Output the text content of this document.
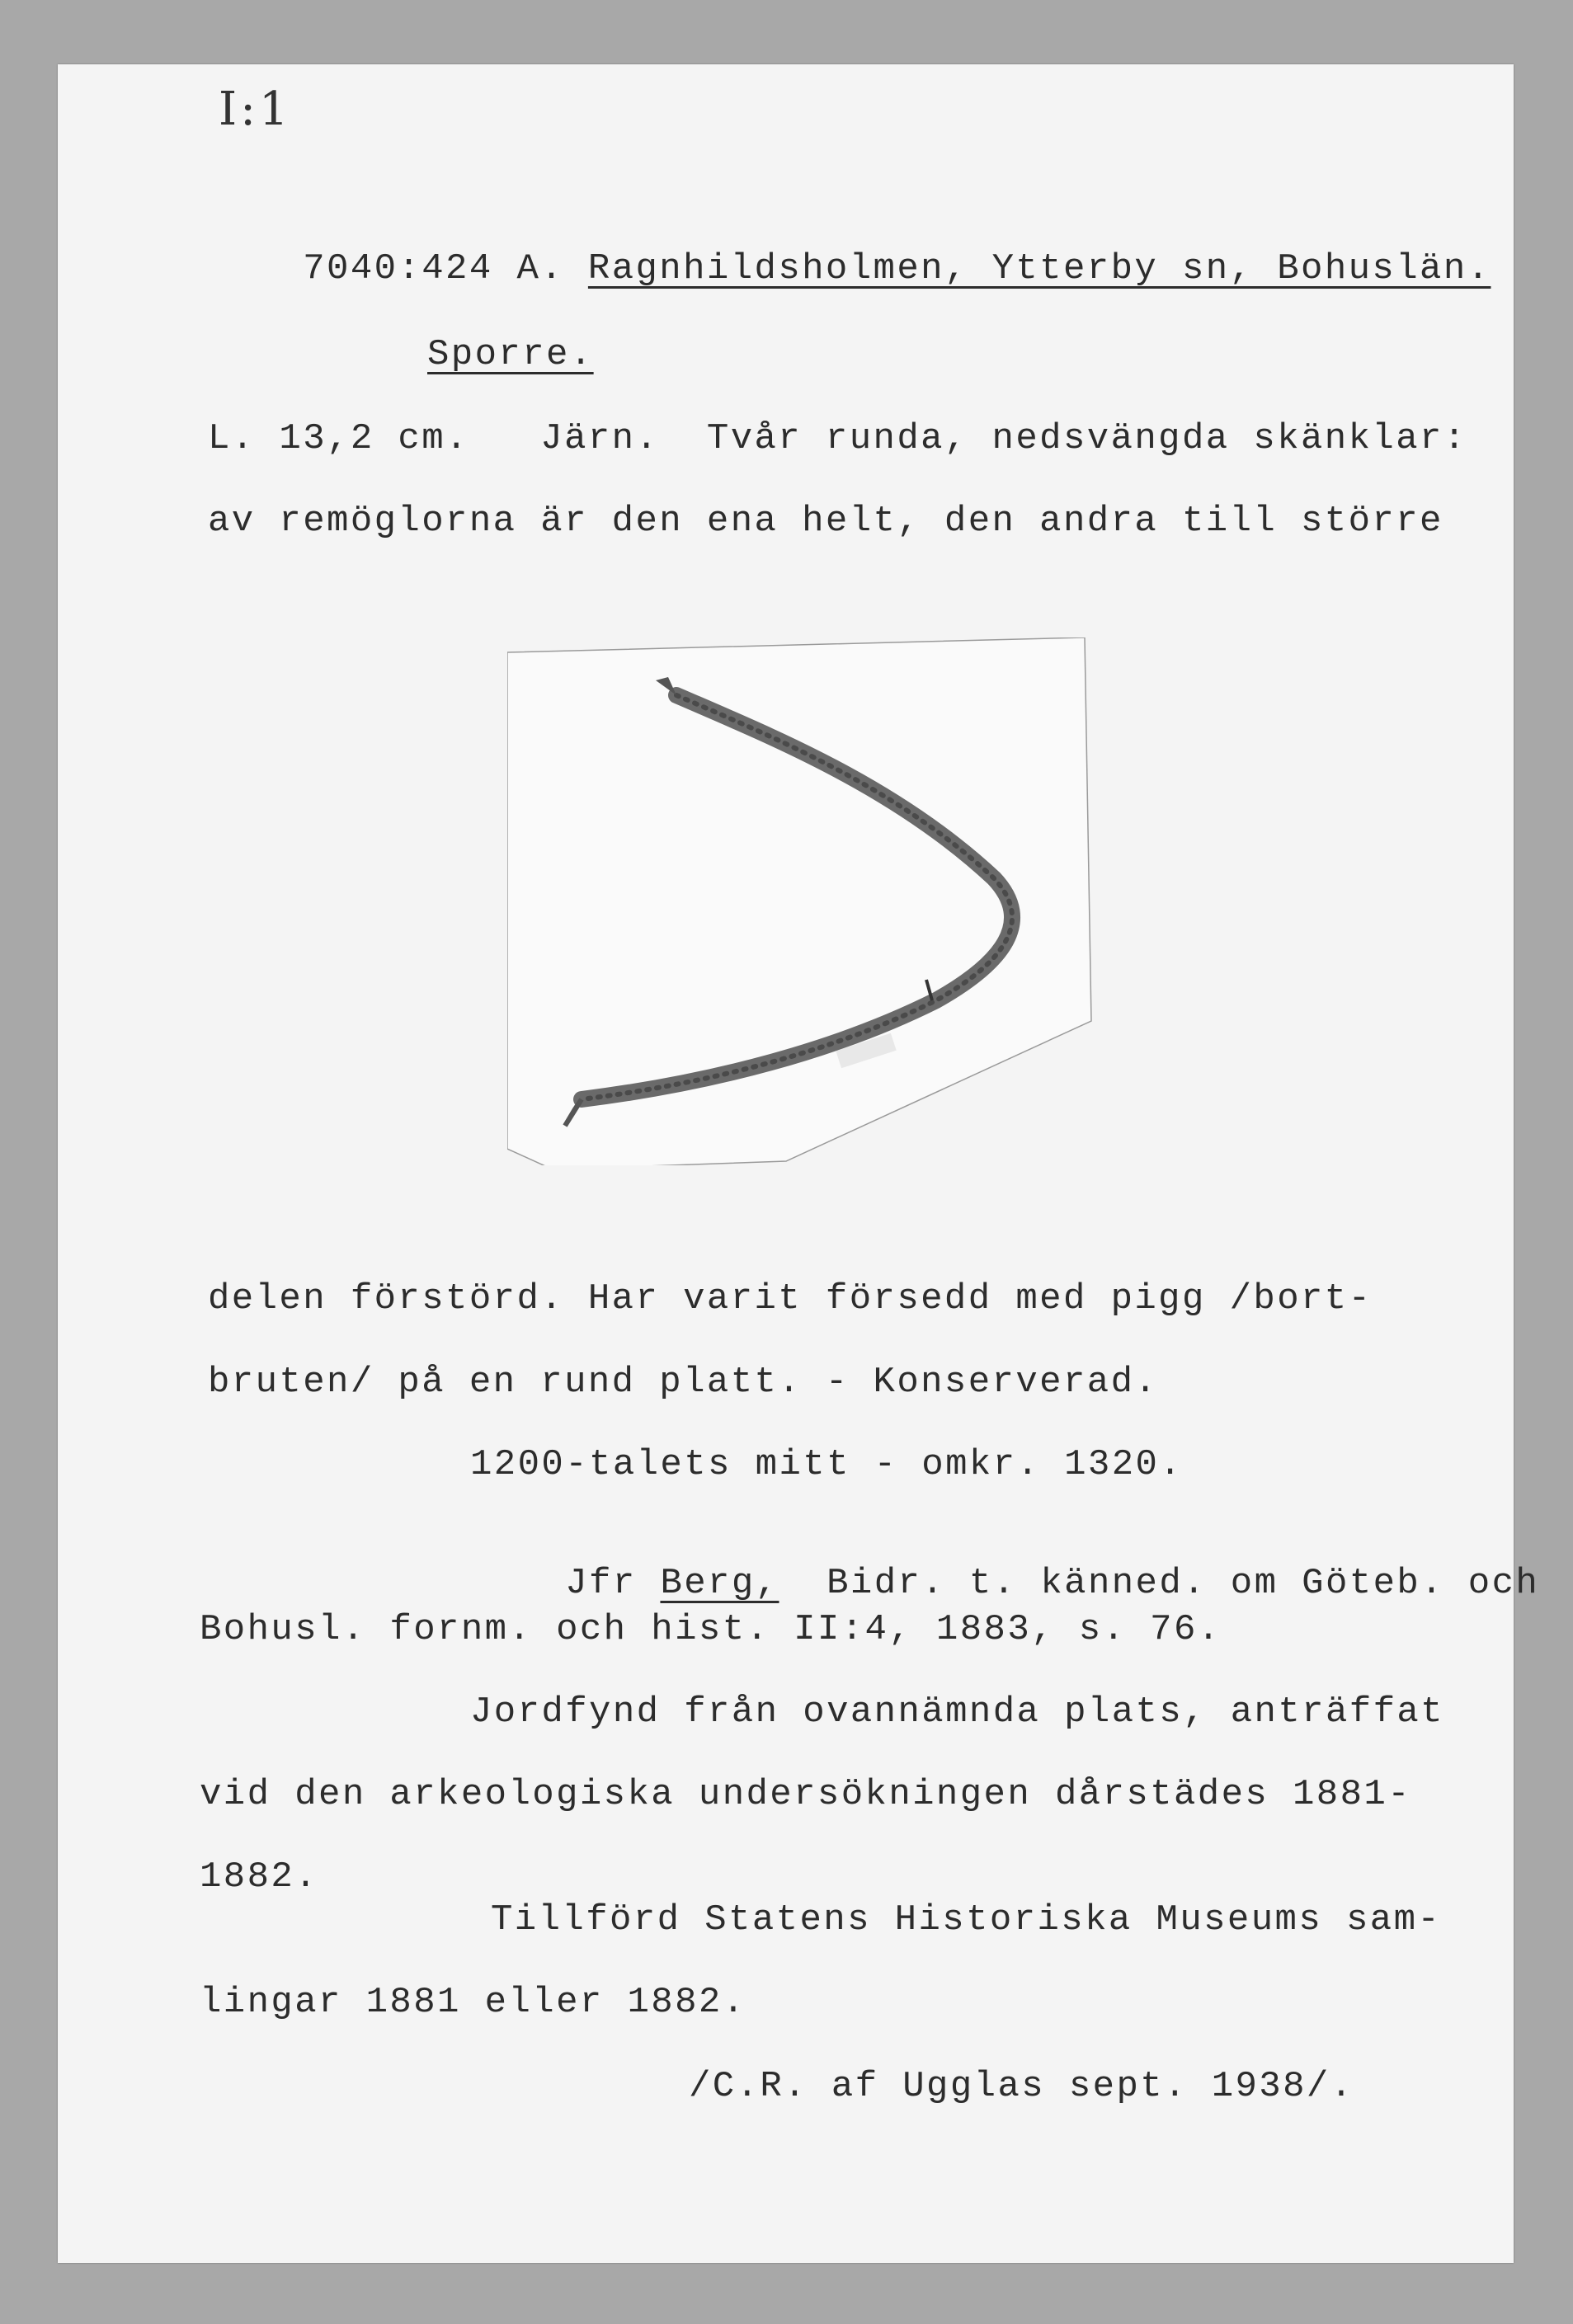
I:1

7040:424 A. Ragnhildsholmen, Ytterby sn, Bohuslän.

Sporre.
L. 13,2 cm.   Järn.  Tvår runda, nedsvängda skänklar:
av remöglorna är den ena helt, den andra till större
delen förstörd. Har varit försedd med pigg /bort-
bruten/ på en rund platt. - Konserverad.
1200-talets mitt - omkr. 1320.

Jfr Berg, Bidr. t. känned. om Göteb. och

Bohusl. fornm. och hist. II:4, 1883, s. 76.
Jordfynd från ovannämnda plats, anträffat
vid den arkeologiska undersökningen dårstädes 1881-
1882.
Tillförd Statens Historiska Museums sam-
lingar 1881 eller 1882.
/C.R. af Ugglas sept. 1938/.
